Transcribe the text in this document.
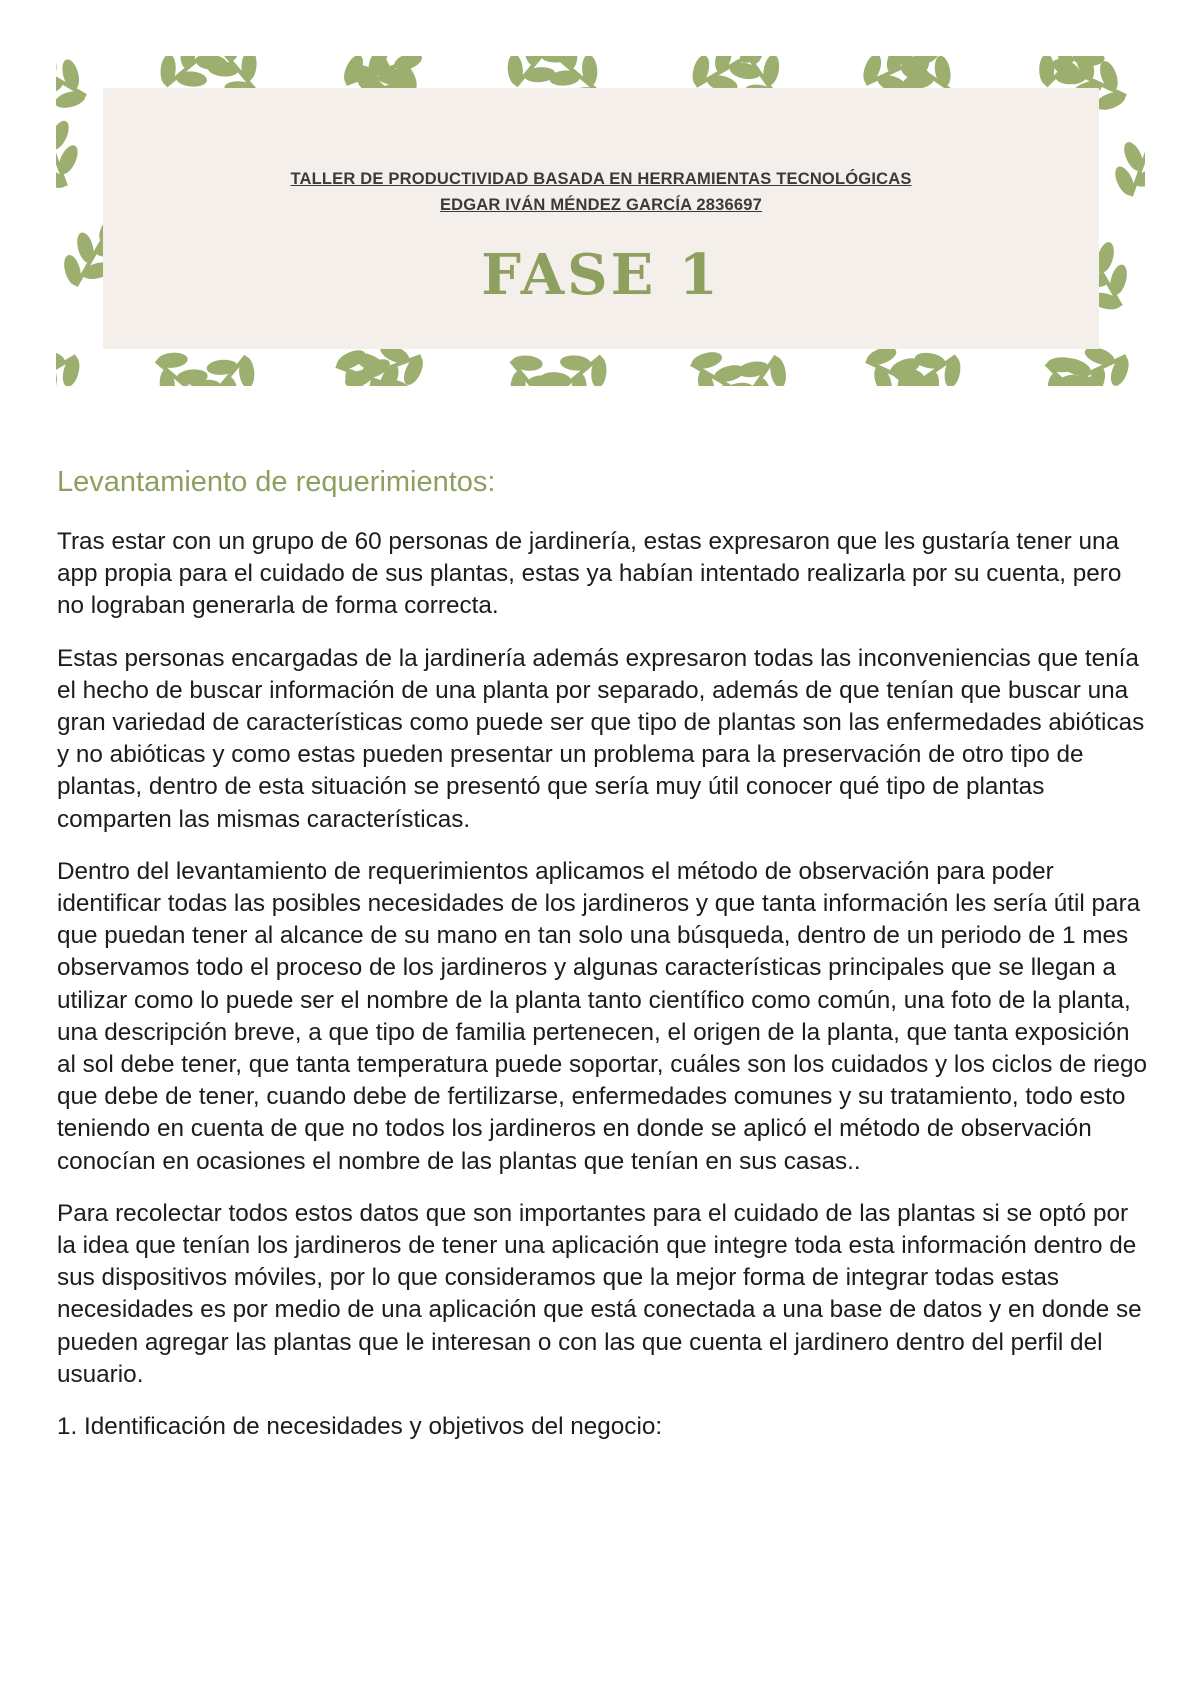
TALLER DE PRODUCTIVIDAD BASADA EN HERRAMIENTAS TECNOLÓGICAS
EDGAR IVÁN MÉNDEZ GARCÍA 2836697
FASE 1
Levantamiento de requerimientos:

Tras estar con un grupo de 60 personas de jardinería, estas expresaron que les gustaría tener una app propia para el cuidado de sus plantas, estas ya habían intentado realizarla por su cuenta, pero no lograban generarla de forma correcta.

Estas personas encargadas de la jardinería además expresaron todas las inconveniencias que tenía el hecho de buscar información de una planta por separado, además de que tenían que buscar una gran variedad de características como puede ser que tipo de plantas son las enfermedades abióticas y no abióticas y como estas pueden presentar un problema para la preservación de otro tipo de plantas, dentro de esta situación se presentó que sería muy útil conocer qué tipo de plantas comparten las mismas características.

Dentro del levantamiento de requerimientos aplicamos el método de observación para poder identificar todas las posibles necesidades de los jardineros y que tanta información les sería útil para que puedan tener al alcance de su mano en tan solo una búsqueda, dentro de un periodo de 1 mes observamos todo el proceso de los jardineros y algunas características principales que se llegan a utilizar como lo puede ser el nombre de la planta tanto científico como común, una foto de la planta, una descripción breve, a que tipo de familia pertenecen, el origen de la planta, que tanta exposición al sol debe tener, que tanta temperatura puede soportar, cuáles son los cuidados y los ciclos de riego que debe de tener, cuando debe de fertilizarse, enfermedades comunes y su tratamiento, todo esto teniendo en cuenta de que no todos los jardineros en donde se aplicó el método de observación conocían en ocasiones el nombre de las plantas que tenían en sus casas..

Para recolectar todos estos datos que son importantes para el cuidado de las plantas si se optó por la idea que tenían los jardineros de tener una aplicación que integre toda esta información dentro de sus dispositivos móviles, por lo que consideramos que la mejor forma de integrar todas estas necesidades es por medio de una aplicación que está conectada a una base de datos y en donde se pueden agregar las plantas que le interesan o con las que cuenta el jardinero dentro del perfil del usuario.

1. Identificación de necesidades y objetivos del negocio:
